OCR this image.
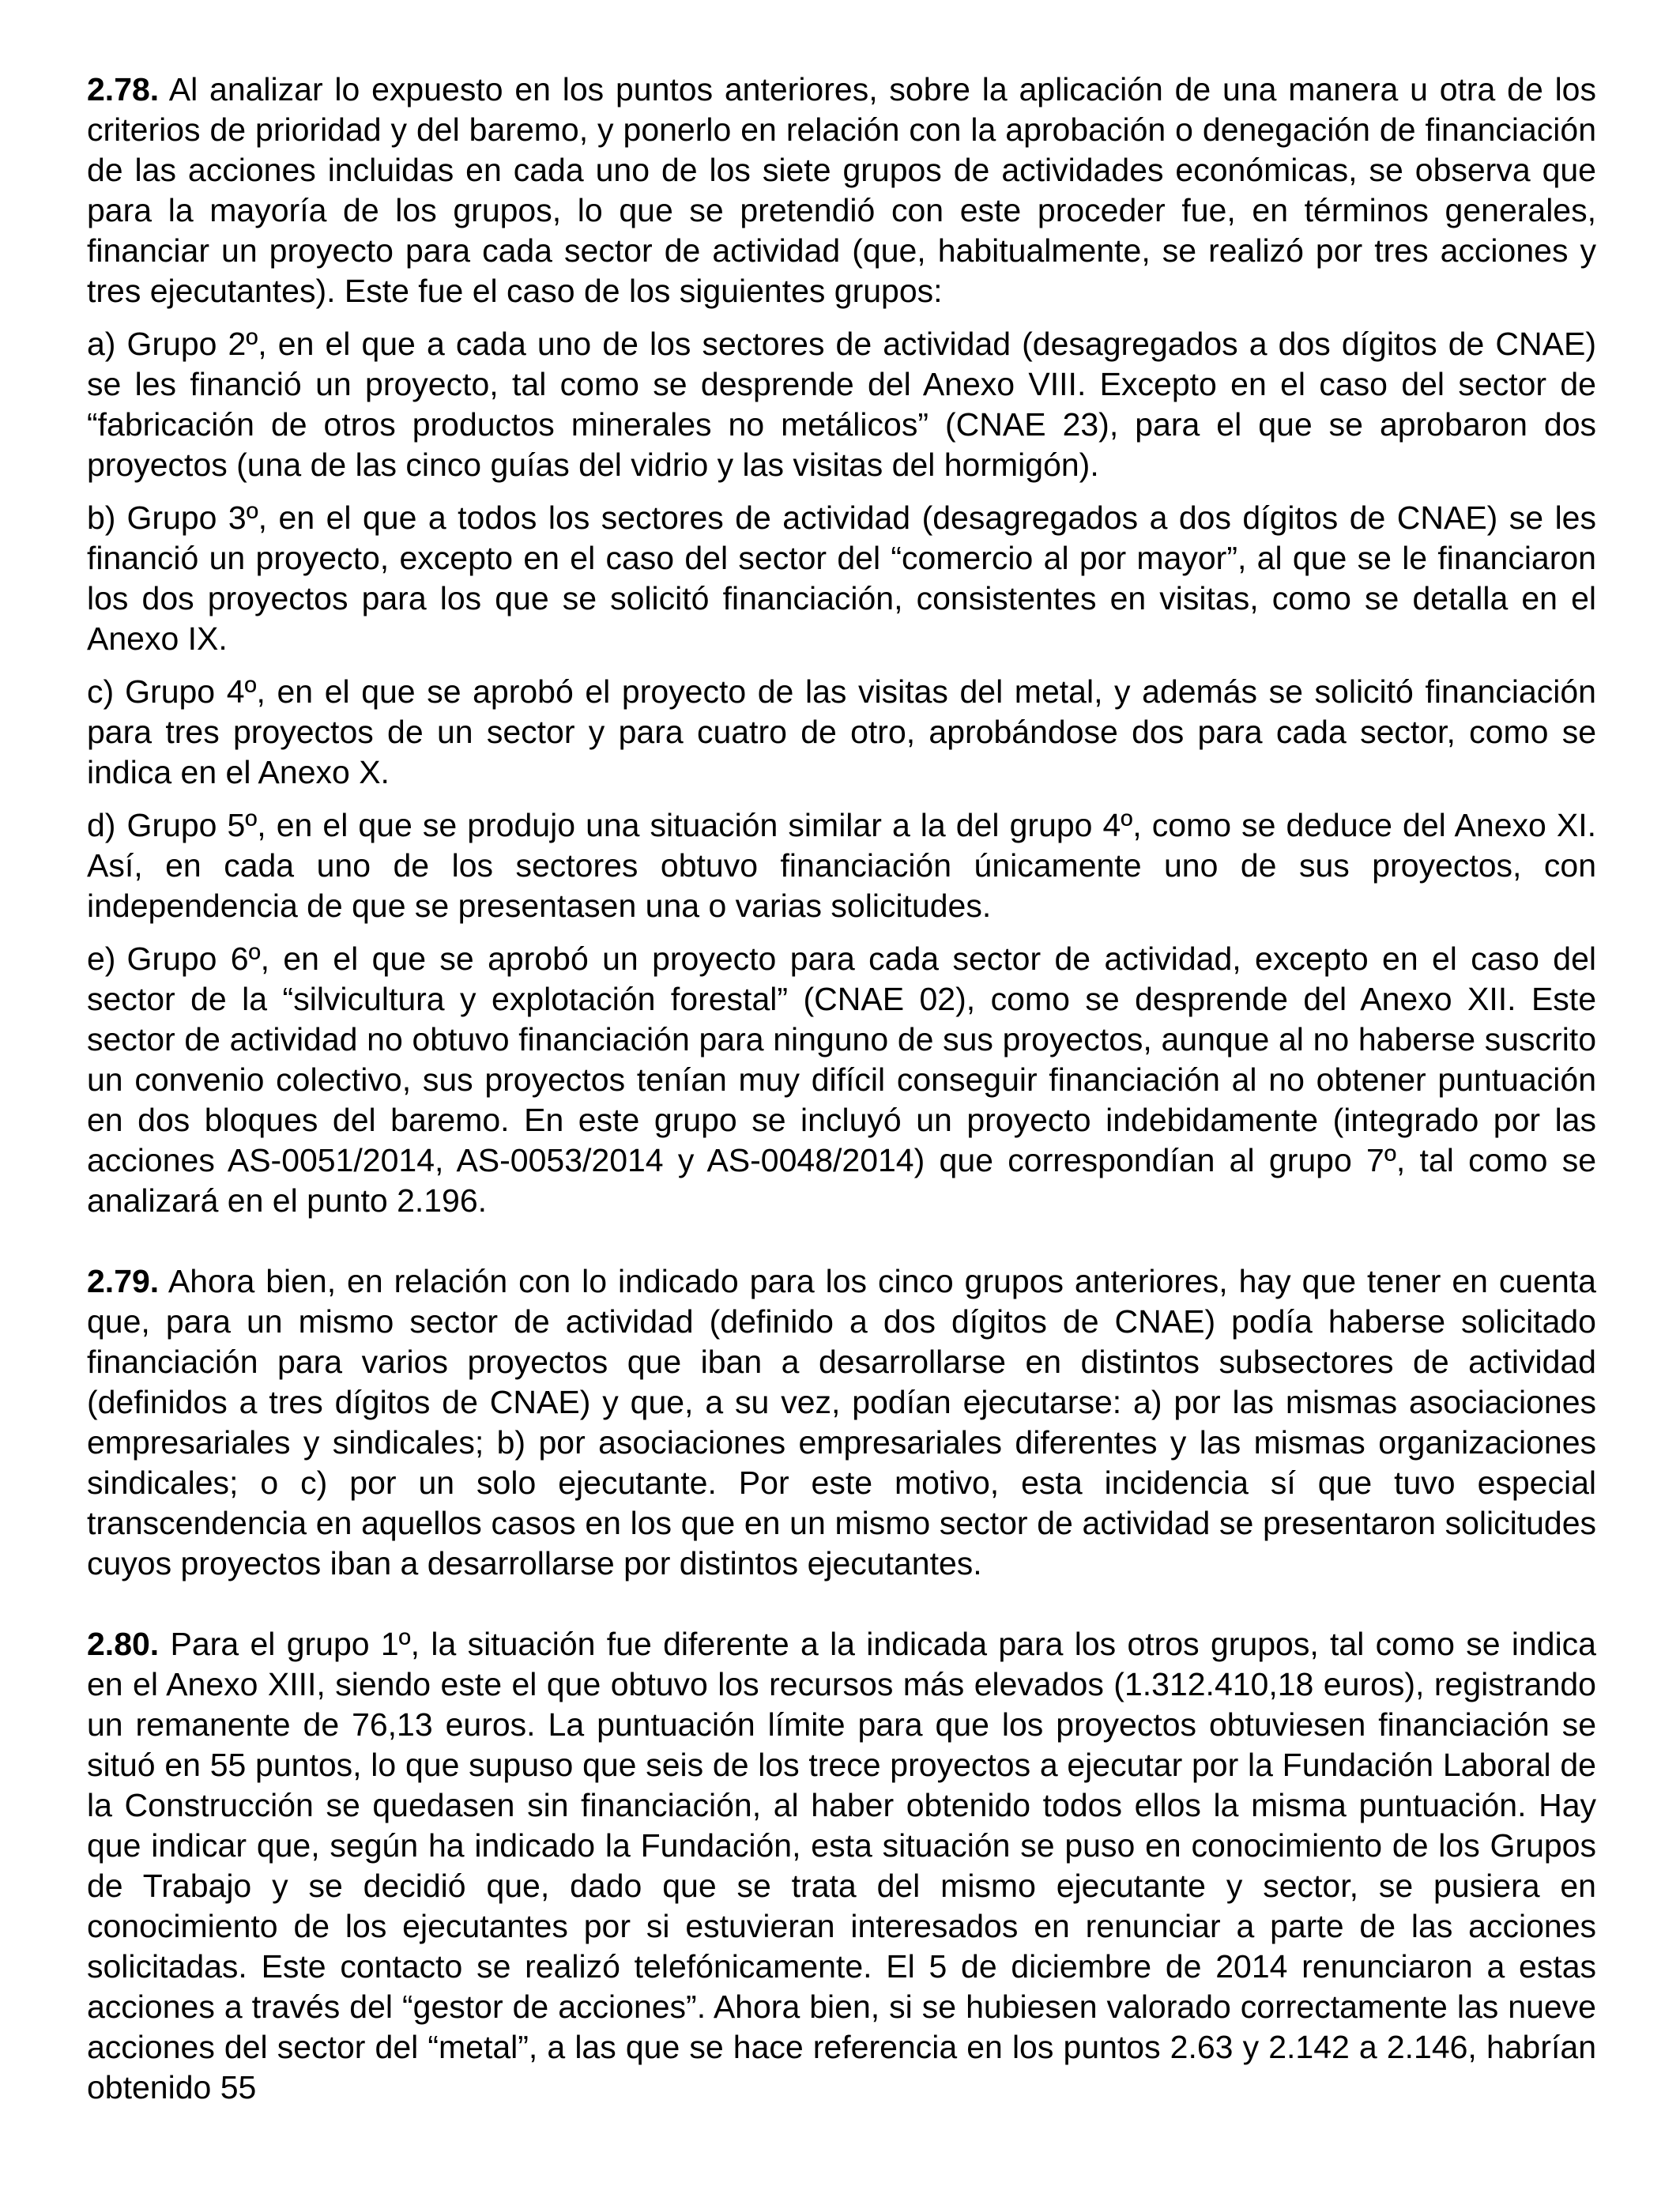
2.78. Al analizar lo expuesto en los puntos anteriores, sobre la aplicación de una manera u otra de los criterios de prioridad y del baremo, y ponerlo en relación con la aprobación o denegación de financiación de las acciones incluidas en cada uno de los siete grupos de actividades económicas, se observa que para la mayoría de los grupos, lo que se pretendió con este proceder fue, en términos generales, financiar un proyecto para cada sector de actividad (que, habitualmente, se realizó por tres acciones y tres ejecutantes). Este fue el caso de los siguientes grupos:

a) Grupo 2º, en el que a cada uno de los sectores de actividad (desagregados a dos dígitos de CNAE) se les financió un proyecto, tal como se desprende del Anexo VIII. Excepto en el caso del sector de “fabricación de otros productos minerales no metálicos” (CNAE 23), para el que se aprobaron dos proyectos (una de las cinco guías del vidrio y las visitas del hormigón).

b) Grupo 3º, en el que a todos los sectores de actividad (desagregados a dos dígitos de CNAE) se les financió un proyecto, excepto en el caso del sector del “comercio al por mayor”, al que se le financiaron los dos proyectos para los que se solicitó financiación, consistentes en visitas, como se detalla en el Anexo IX.

c) Grupo 4º, en el que se aprobó el proyecto de las visitas del metal, y además se solicitó financiación para tres proyectos de un sector y para cuatro de otro, aprobándose dos para cada sector, como se indica en el Anexo X.

d) Grupo 5º, en el que se produjo una situación similar a la del grupo 4º, como se deduce del Anexo XI. Así, en cada uno de los sectores obtuvo financiación únicamente uno de sus proyectos, con independencia de que se presentasen una o varias solicitudes.

e) Grupo 6º, en el que se aprobó un proyecto para cada sector de actividad, excepto en el caso del sector de la “silvicultura y explotación forestal” (CNAE 02), como se desprende del Anexo XII. Este sector de actividad no obtuvo financiación para ninguno de sus proyectos, aunque al no haberse suscrito un convenio colectivo, sus proyectos tenían muy difícil conseguir financiación al no obtener puntuación en dos bloques del baremo. En este grupo se incluyó un proyecto indebidamente (integrado por las acciones AS-0051/2014, AS-0053/2014 y AS-0048/2014) que correspondían al grupo 7º, tal como se analizará en el punto 2.196.

2.79. Ahora bien, en relación con lo indicado para los cinco grupos anteriores, hay que tener en cuenta que, para un mismo sector de actividad (definido a dos dígitos de CNAE) podía haberse solicitado financiación para varios proyectos que iban a desarrollarse en distintos subsectores de actividad (definidos a tres dígitos de CNAE) y que, a su vez, podían ejecutarse: a) por las mismas asociaciones empresariales y sindicales; b) por asociaciones empresariales diferentes y las mismas organizaciones sindicales; o c) por un solo ejecutante. Por este motivo, esta incidencia sí que tuvo especial transcendencia en aquellos casos en los que en un mismo sector de actividad se presentaron solicitudes cuyos proyectos iban a desarrollarse por distintos ejecutantes.

2.80. Para el grupo 1º, la situación fue diferente a la indicada para los otros grupos, tal como se indica en el Anexo XIII, siendo este el que obtuvo los recursos más elevados (1.312.410,18 euros), registrando un remanente de 76,13 euros. La puntuación límite para que los proyectos obtuviesen financiación se situó en 55 puntos, lo que supuso que seis de los trece proyectos a ejecutar por la Fundación Laboral de la Construcción se quedasen sin financiación, al haber obtenido todos ellos la misma puntuación. Hay que indicar que, según ha indicado la Fundación, esta situación se puso en conocimiento de los Grupos de Trabajo y se decidió que, dado que se trata del mismo ejecutante y sector, se pusiera en conocimiento de los ejecutantes por si estuvieran interesados en renunciar a parte de las acciones solicitadas. Este contacto se realizó telefónicamente. El 5 de diciembre de 2014 renunciaron a estas acciones a través del “gestor de acciones”. Ahora bien, si se hubiesen valorado correctamente las nueve acciones del sector del “metal”, a las que se hace referencia en los puntos 2.63 y 2.142 a 2.146, habrían obtenido 55
